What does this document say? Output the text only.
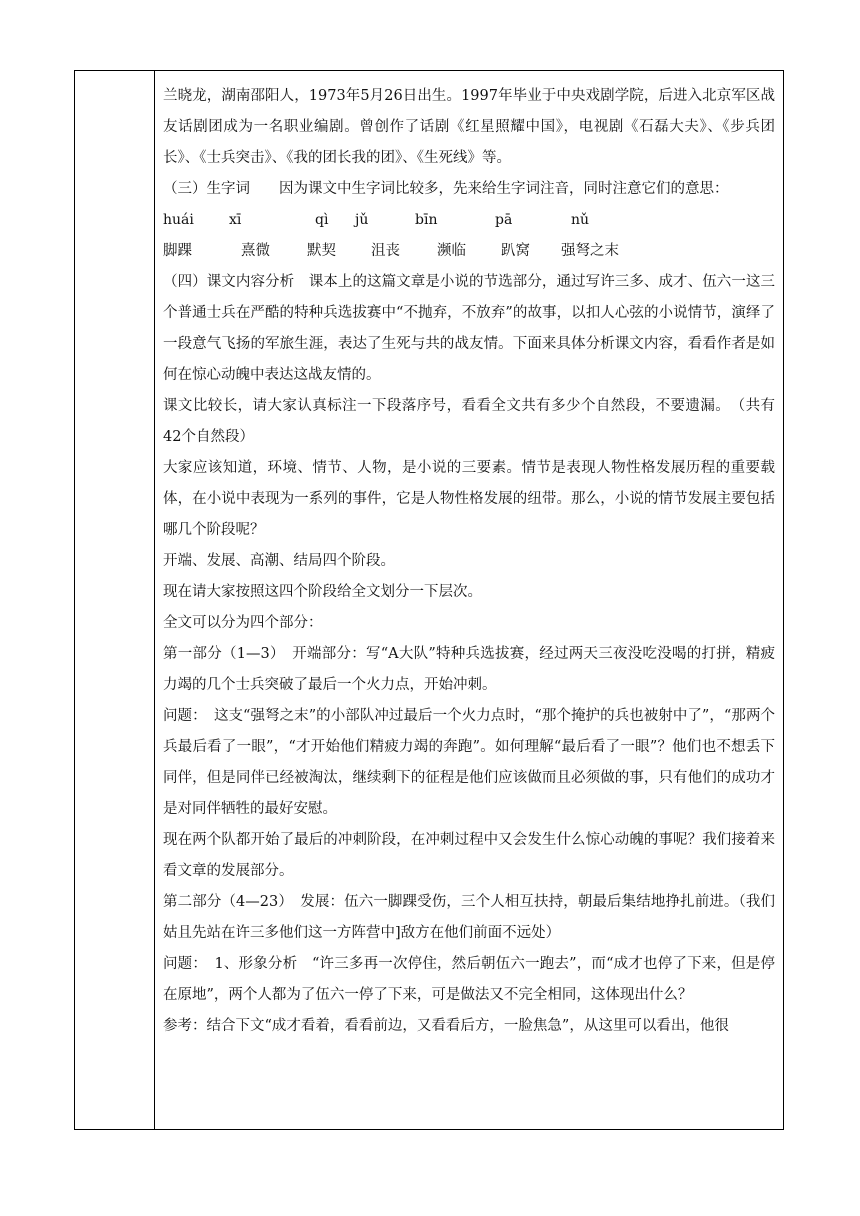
兰晓龙，湖南邵阳人，1973年5月26日出生。1997年毕业于中央戏剧学院，后进入北京军区战友话剧团成为一名职业编剧。曾创作了话剧《红星照耀中国》，电视剧《石磊大夫》、《步兵团长》、《士兵突击》、《我的团长我的团》、《生死线》等。

（三）生字词　　因为课文中生字词比较多，先来给生字词注音，同时注意它们的意思：

huái	xī	qì	jǔ	bīn	pā	nǔ
脚踝	熹微	默契	沮丧	濒临	趴窝	强弩之末

（四）课文内容分析　课本上的这篇文章是小说的节选部分，通过写许三多、成才、伍六一这三个普通士兵在严酷的特种兵选拔赛中“不抛弃，不放弃”的故事，以扣人心弦的小说情节，演绎了一段意气飞扬的军旅生涯，表达了生死与共的战友情。下面来具体分析课文内容，看看作者是如何在惊心动魄中表达这战友情的。

课文比较长，请大家认真标注一下段落序号，看看全文共有多少个自然段，不要遗漏。　（共有42个自然段）

大家应该知道，环境、情节、人物，是小说的三要素。情节是表现人物性格发展历程的重要载体，在小说中表现为一系列的事件，它是人物性格发展的纽带。那么，小说的情节发展主要包括哪几个阶段呢？

开端、发展、高潮、结局四个阶段。

现在请大家按照这四个阶段给全文划分一下层次。

全文可以分为四个部分：

第一部分（1—3）　开端部分：写“A大队”特种兵选拔赛，经过两天三夜没吃没喝的打拼，精疲力竭的几个士兵突破了最后一个火力点，开始冲刺。

问题：　这支“强弩之末”的小部队冲过最后一个火力点时，“那个掩护的兵也被射中了”，“那两个兵最后看了一眼”，“才开始他们精疲力竭的奔跑”。如何理解“最后看了一眼”？他们也不想丢下同伴，但是同伴已经被淘汰，继续剩下的征程是他们应该做而且必须做的事，只有他们的成功才是对同伴牺牲的最好安慰。

现在两个队都开始了最后的冲刺阶段，在冲刺过程中又会发生什么惊心动魄的事呢？我们接着来看文章的发展部分。

第二部分（4—23）　发展：伍六一脚踝受伤，三个人相互扶持，朝最后集结地挣扎前进。（我们姑且先站在许三多他们这一方阵营中]敌方在他们前面不远处）

问题：　1、形象分析　“许三多再一次停住，然后朝伍六一跑去”，而“成才也停了下来，但是停在原地”，两个人都为了伍六一停了下来，可是做法又不完全相同，这体现出什么？

参考：结合下文“成才看着，看看前边，又看看后方，一脸焦急”，从这里可以看出，他很
